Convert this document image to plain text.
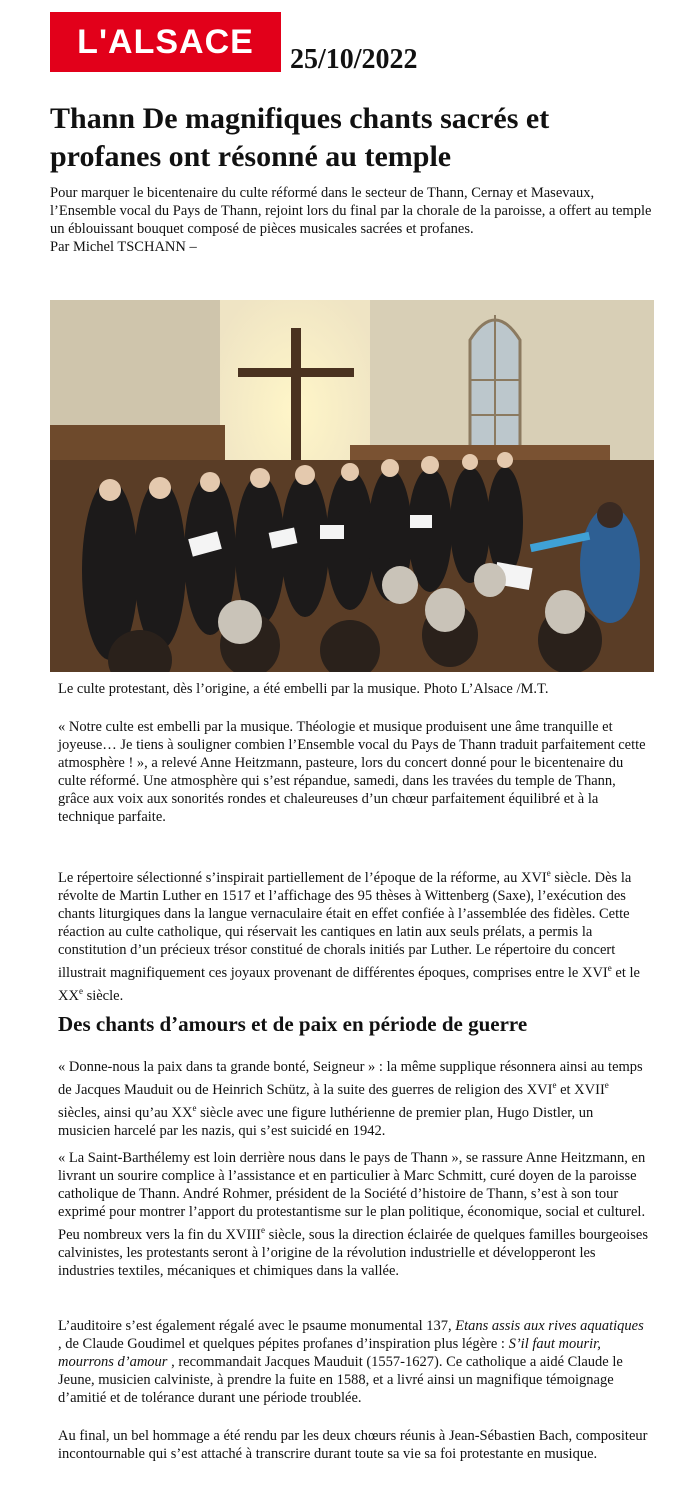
L'ALSACE 25/10/2022
Thann De magnifiques chants sacrés et profanes ont résonné au temple
Pour marquer le bicentenaire du culte réformé dans le secteur de Thann, Cernay et Masevaux, l’Ensemble vocal du Pays de Thann, rejoint lors du final par la chorale de la paroisse, a offert au temple un éblouissant bouquet composé de pièces musicales sacrées et profanes.
Par Michel TSCHANN –
Le culte protestant, dès l’origine, a été embelli par la musique. Photo L’Alsace /M.T.

« Notre culte est embelli par la musique. Théologie et musique produisent une âme tranquille et joyeuse… Je tiens à souligner combien l’Ensemble vocal du Pays de Thann traduit parfaitement cette atmosphère ! », a relevé Anne Heitzmann, pasteure, lors du concert donné pour le bicentenaire du culte réformé. Une atmosphère qui s’est répandue, samedi, dans les travées du temple de Thann, grâce aux voix aux sonorités rondes et chaleureuses d’un chœur parfaitement équilibré et à la technique parfaite.

Le répertoire sélectionné s’inspirait partiellement de l’époque de la réforme, au XVIe siècle. Dès la révolte de Martin Luther en 1517 et l’affichage des 95 thèses à Wittenberg (Saxe), l’exécution des chants liturgiques dans la langue vernaculaire était en effet confiée à l’assemblée des fidèles. Cette réaction au culte catholique, qui réservait les cantiques en latin aux seuls prélats, a permis la constitution d’un précieux trésor constitué de chorals initiés par Luther. Le répertoire du concert illustrait magnifiquement ces joyaux provenant de différentes époques, comprises entre le XVIe et le XXe siècle.

Des chants d’amours et de paix en période de guerre

« Donne-nous la paix dans ta grande bonté, Seigneur » : la même supplique résonnera ainsi au temps de Jacques Mauduit ou de Heinrich Schütz, à la suite des guerres de religion des XVIe et XVIIe siècles, ainsi qu’au XXe siècle avec une figure luthérienne de premier plan, Hugo Distler, un musicien harcelé par les nazis, qui s’est suicidé en 1942.

« La Saint-Barthélemy est loin derrière nous dans le pays de Thann », se rassure Anne Heitzmann, en livrant un sourire complice à l’assistance et en particulier à Marc Schmitt, curé doyen de la paroisse catholique de Thann. André Rohmer, président de la Société d’histoire de Thann, s’est à son tour exprimé pour montrer l’apport du protestantisme sur le plan politique, économique, social et culturel. Peu nombreux vers la fin du XVIIIe siècle, sous la direction éclairée de quelques familles bourgeoises calvinistes, les protestants seront à l’origine de la révolution industrielle et développeront les industries textiles, mécaniques et chimiques dans la vallée.

L’auditoire s’est également régalé avec le psaume monumental 137, Etans assis aux rives aquatiques , de Claude Goudimel et quelques pépites profanes d’inspiration plus légère : S’il faut mourir, mourrons d’amour , recommandait Jacques Mauduit (1557-1627). Ce catholique a aidé Claude le Jeune, musicien calviniste, à prendre la fuite en 1588, et a livré ainsi un magnifique témoignage d’amitié et de tolérance durant une période troublée.

Au final, un bel hommage a été rendu par les deux chœurs réunis à Jean-Sébastien Bach, compositeur incontournable qui s’est attaché à transcrire durant toute sa vie sa foi protestante en musique.
